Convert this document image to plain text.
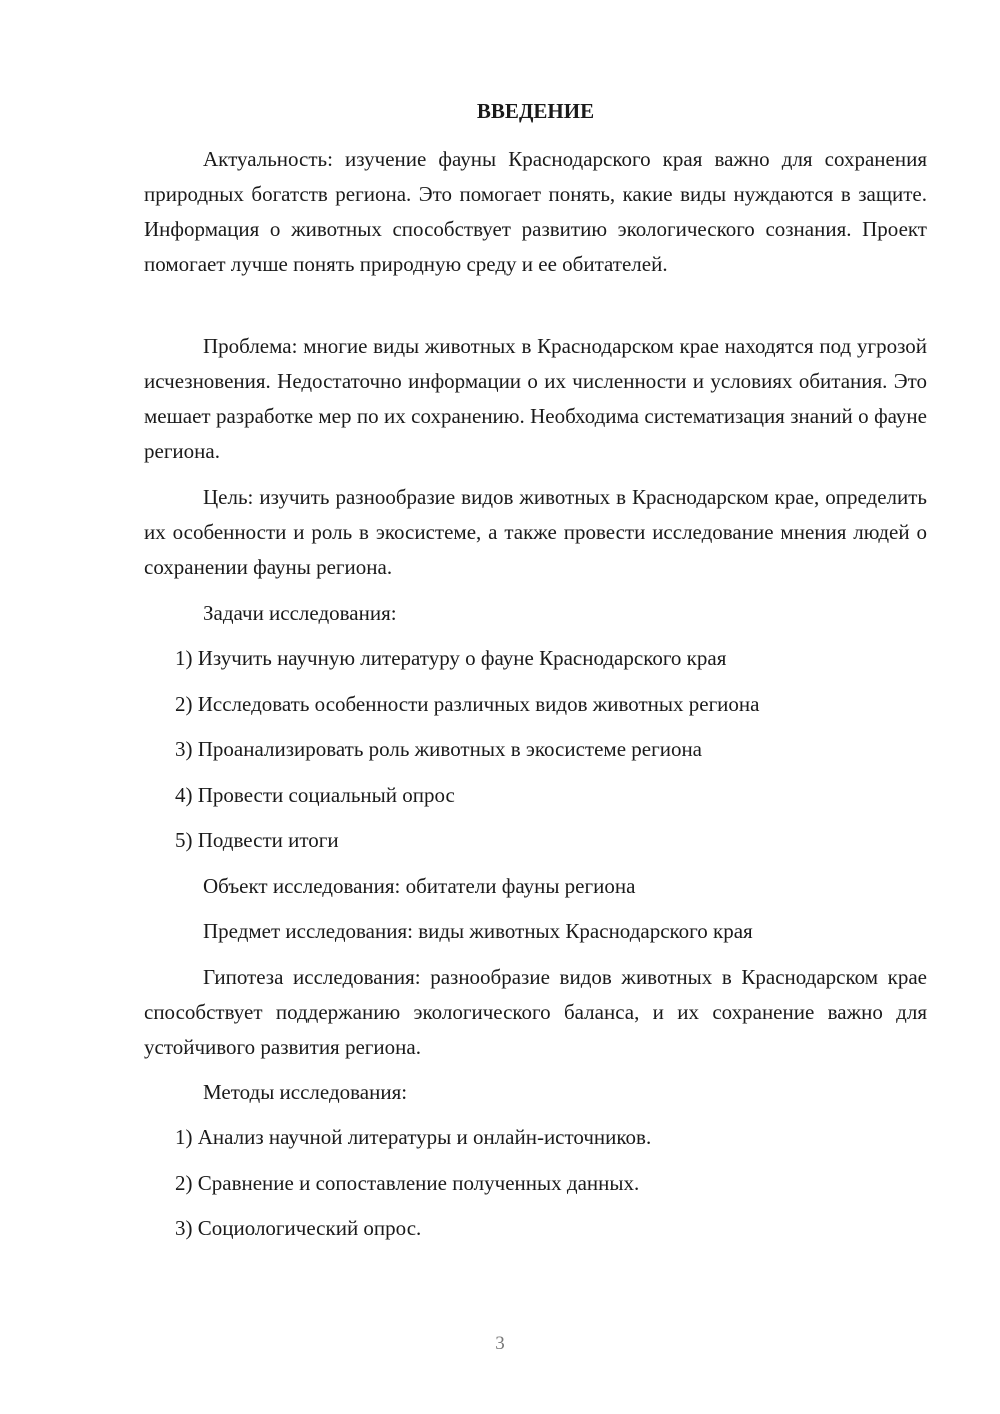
ВВЕДЕНИЕ

Актуальность: изучение фауны Краснодарского края важно для сохранения природных богатств региона. Это помогает понять, какие виды нуждаются в защите. Информация о животных способствует развитию экологического сознания. Проект помогает лучше понять природную среду и ее обитателей.

Проблема: многие виды животных в Краснодарском крае находятся под угрозой исчезновения. Недостаточно информации о их численности и условиях обитания. Это мешает разработке мер по их сохранению. Необходима систематизация знаний о фауне региона.

Цель: изучить разнообразие видов животных в Краснодарском крае, определить их особенности и роль в экосистеме, а также провести исследование мнения людей о сохранении фауны региона.

Задачи исследования:

1) Изучить научную литературу о фауне Краснодарского края
2) Исследовать особенности различных видов животных региона
3) Проанализировать роль животных в экосистеме региона
4) Провести социальный опрос
5) Подвести итоги

Объект исследования: обитатели фауны региона

Предмет исследования: виды животных Краснодарского края

Гипотеза исследования: разнообразие видов животных в Краснодарском крае способствует поддержанию экологического баланса, и их сохранение важно для устойчивого развития региона.

Методы исследования:

1) Анализ научной литературы и онлайн-источников.
2) Сравнение и сопоставление полученных данных.
3) Социологический опрос.
3
